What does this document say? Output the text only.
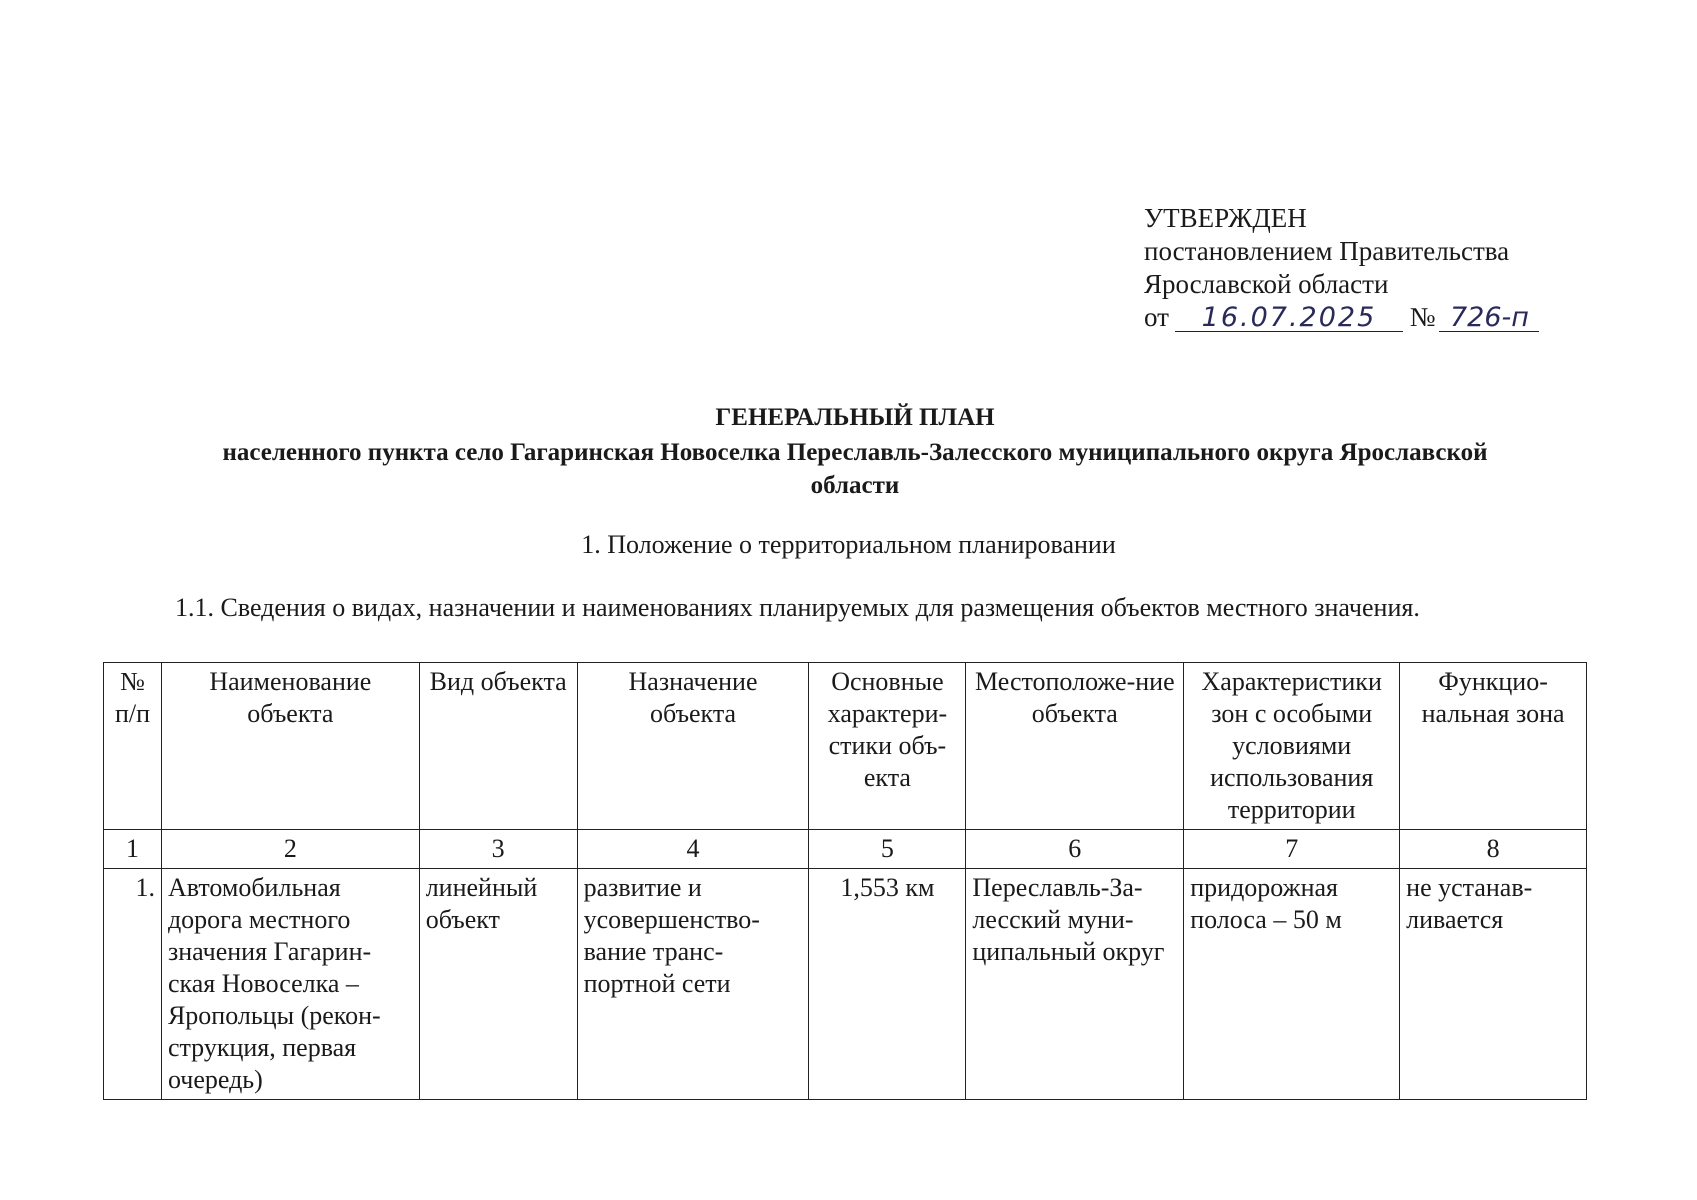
УТВЕРЖДЕН
постановлением Правительства
Ярославской области
от 16.07.2025 № 726-п
ГЕНЕРАЛЬНЫЙ ПЛАН
населенного пункта село Гагаринская Новоселка Переславль-Залесского муниципального округа Ярославской
области
1. Положение о территориальном планировании
1.1. Сведения о видах, назначении и наименованиях планируемых для размещения объектов местного значения.
№ п/п	Наименование объекта	Вид объекта	Назначение объекта	Основные характери-стики объ-екта	Местоположе-ние объекта	Характеристики зон с особыми условиями использования территории	Функцио-нальная зона
1	2	3	4	5	6	7	8
1.	Автомобильная дорога местного значения Гагарин-ская Новоселка – Яропольцы (рекон-струкция, первая очередь)	линейный объект	развитие и усовершенство-вание транс-портной сети	1,553 км	Переславль-За-лесский муни-ципальный округ	придорожная полоса – 50 м	не устанав-ливается
